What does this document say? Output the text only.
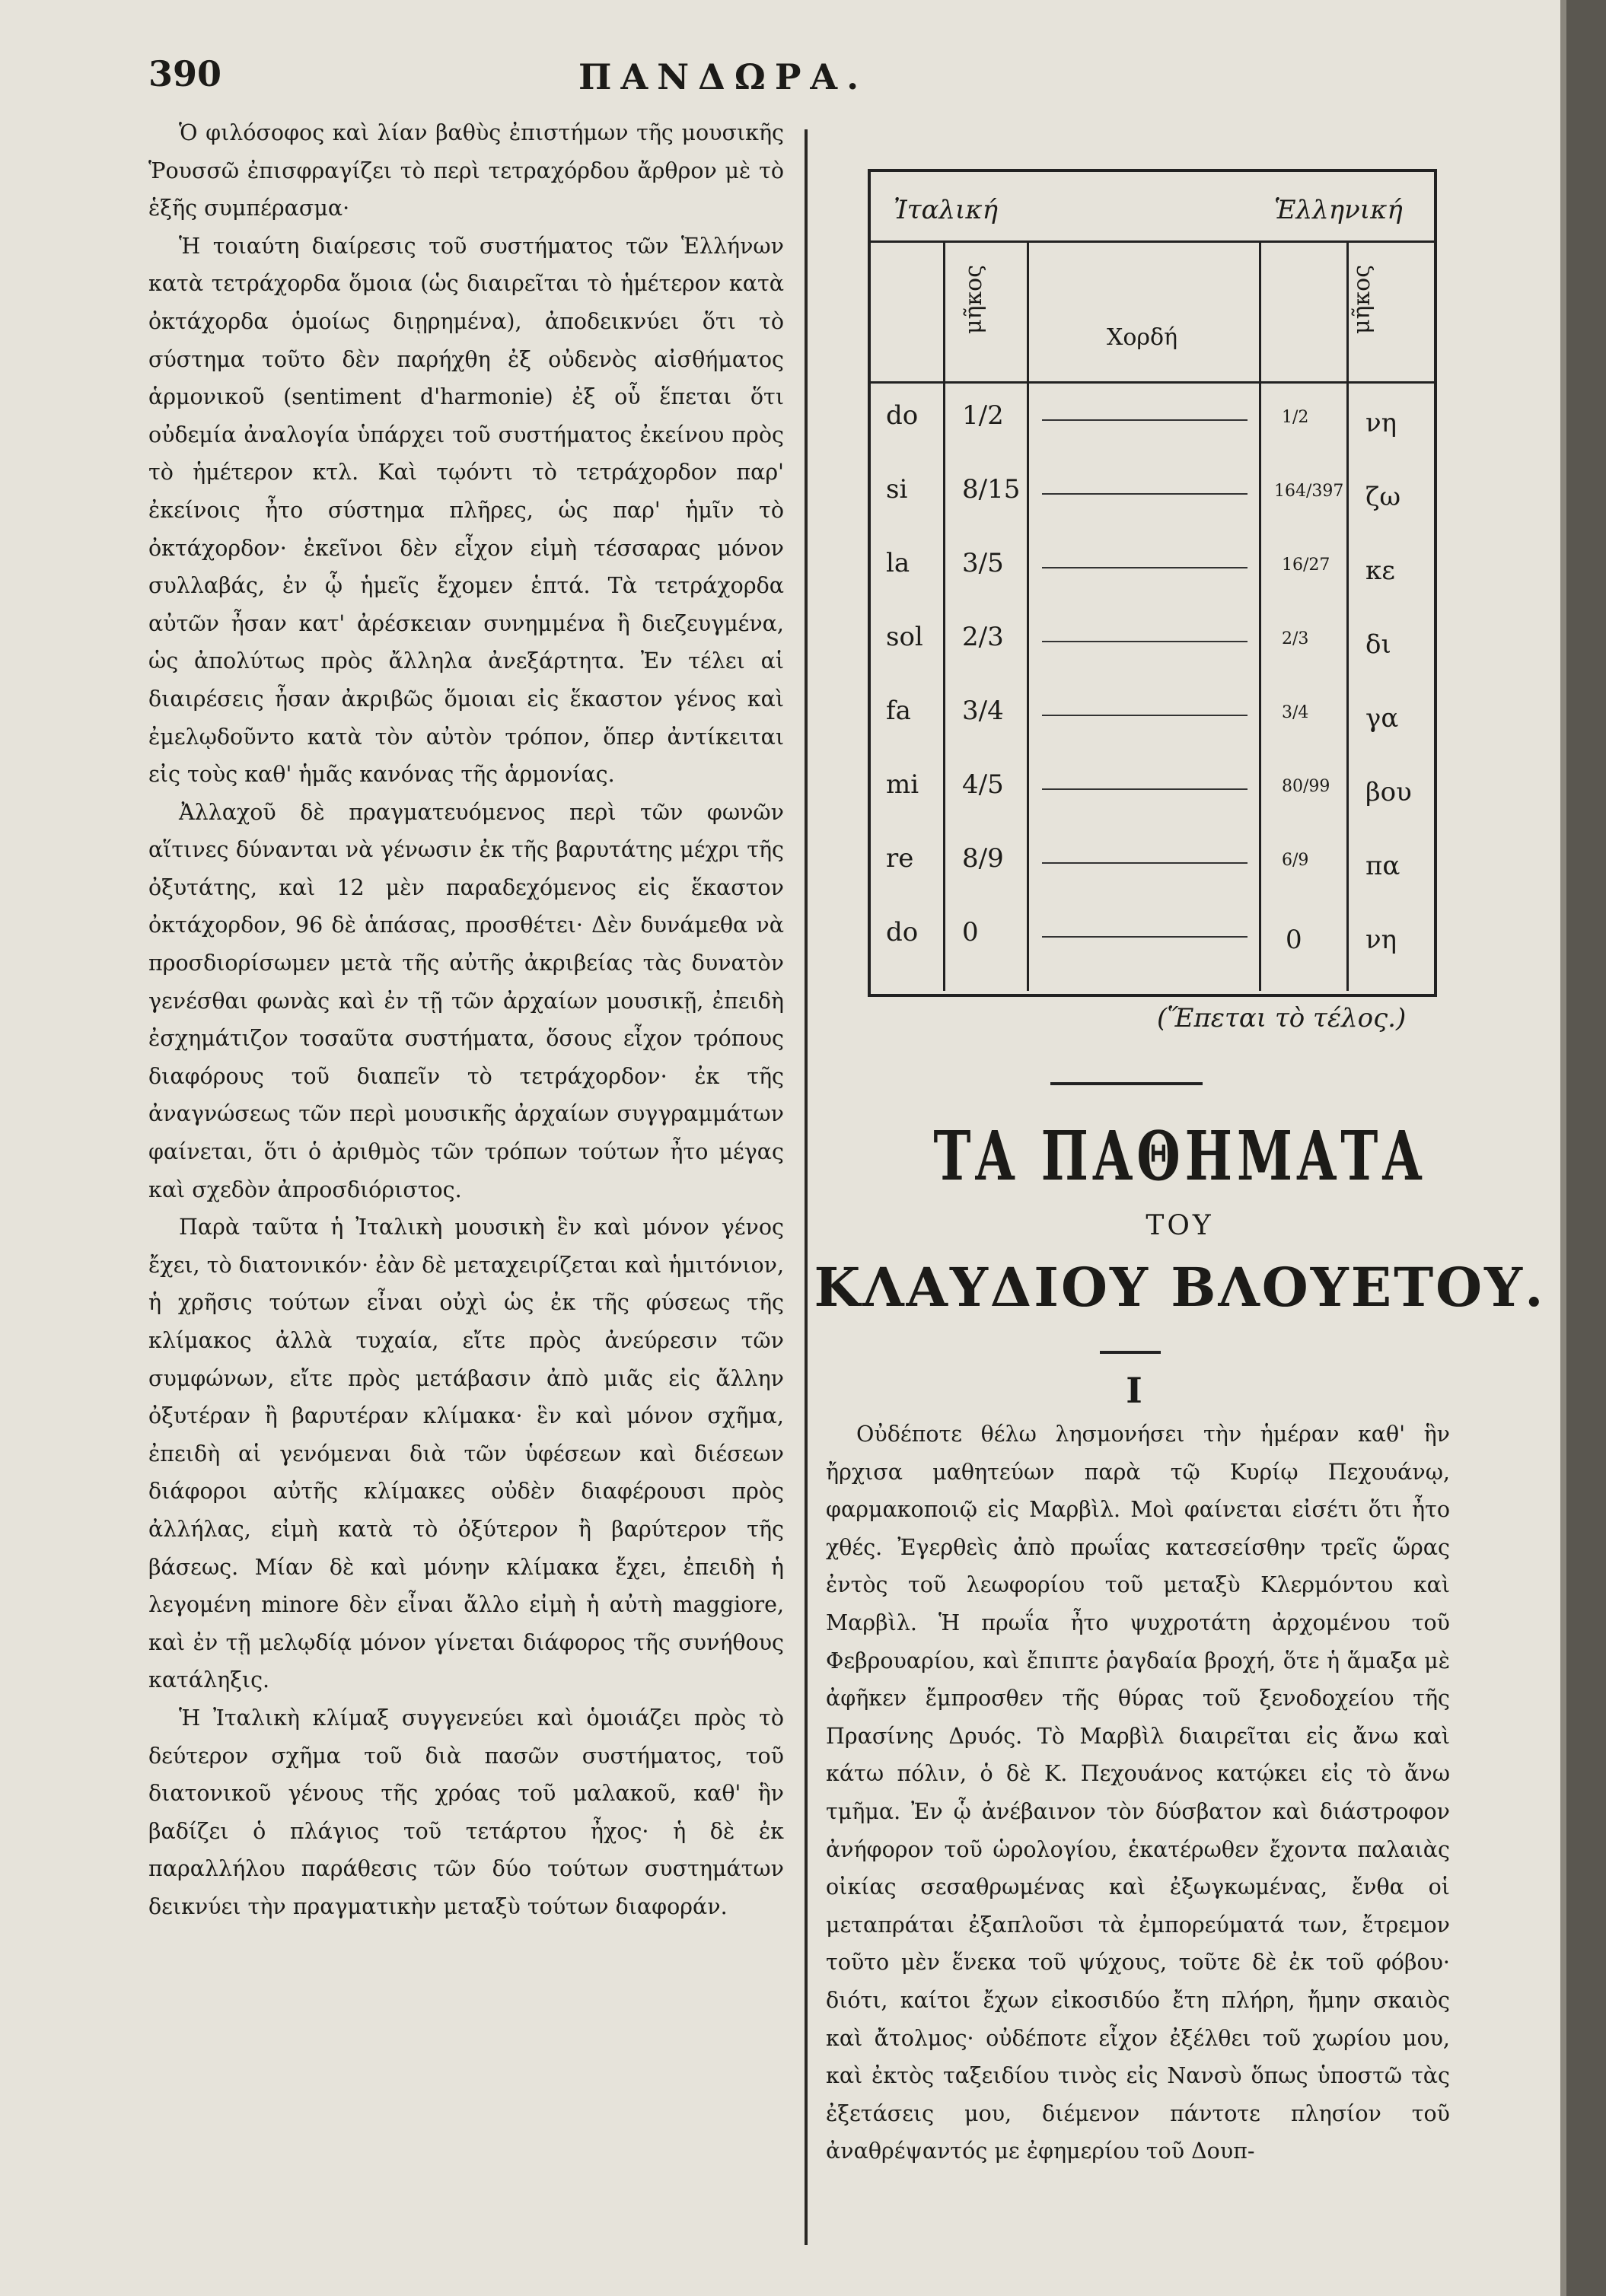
390	ΠΑΝΔΩΡΑ.

Ὁ φιλόσοφος καὶ λίαν βαθὺς ἐπιστήμων τῆς μουσικῆς Ῥουσσῶ ἐπισφραγίζει τὸ περὶ τετραχόρδου ἄρθρον μὲ τὸ ἑξῆς συμπέρασμα·

Ἡ τοιαύτη διαίρεσις τοῦ συστήματος τῶν Ἑλλήνων κατὰ τετράχορδα ὅμοια (ὡς διαιρεῖται τὸ ἡμέτερον κατὰ ὀκτάχορδα ὁμοίως διῃρημένα), ἀποδεικνύει ὅτι τὸ σύστημα τοῦτο δὲν παρήχθη ἐξ οὐδενὸς αἰσθήματος ἁρμονικοῦ (sentiment d'harmonie) ἐξ οὗ ἕπεται ὅτι οὐδεμία ἀναλογία ὑπάρχει τοῦ συστήματος ἐκείνου πρὸς τὸ ἡμέτερον κτλ. Καὶ τῳόντι τὸ τετράχορδον παρ' ἐκείνοις ἦτο σύστημα πλῆρες, ὡς παρ' ἡμῖν τὸ ὀκτάχορδον· ἐκεῖνοι δὲν εἶχον εἰμὴ τέσσαρας μόνον συλλαβάς, ἐν ᾧ ἡμεῖς ἔχομεν ἑπτά. Τὰ τετράχορδα αὐτῶν ἦσαν κατ' ἀρέσκειαν συνημμένα ἢ διεζευγμένα, ὡς ἀπολύτως πρὸς ἄλληλα ἀνεξάρτητα. Ἐν τέλει αἱ διαιρέσεις ἦσαν ἀκριβῶς ὅμοιαι εἰς ἕκαστον γένος καὶ ἐμελῳδοῦντο κατὰ τὸν αὐτὸν τρόπον, ὅπερ ἀντίκειται εἰς τοὺς καθ' ἡμᾶς κανόνας τῆς ἁρμονίας.

Ἀλλαχοῦ δὲ πραγματευόμενος περὶ τῶν φωνῶν αἵτινες δύνανται νὰ γένωσιν ἐκ τῆς βαρυτάτης μέχρι τῆς ὀξυτάτης, καὶ 12 μὲν παραδεχόμενος εἰς ἕκαστον ὀκτάχορδον, 96 δὲ ἁπάσας, προσθέτει· Δὲν δυνάμεθα νὰ προσδιορίσωμεν μετὰ τῆς αὐτῆς ἀκριβείας τὰς δυνατὸν γενέσθαι φωνὰς καὶ ἐν τῇ τῶν ἀρχαίων μουσικῇ, ἐπειδὴ ἐσχημάτιζον τοσαῦτα συστήματα, ὅσους εἶχον τρόπους διαφόρους τοῦ διαπεῖν τὸ τετράχορδον· ἐκ τῆς ἀναγνώσεως τῶν περὶ μουσικῆς ἀρχαίων συγγραμμάτων φαίνεται, ὅτι ὁ ἀριθμὸς τῶν τρόπων τούτων ἦτο μέγας καὶ σχεδὸν ἀπροσδιόριστος.

Παρὰ ταῦτα ἡ Ἰταλικὴ μουσικὴ ἓν καὶ μόνον γένος ἔχει, τὸ διατονικόν· ἐὰν δὲ μεταχειρίζεται καὶ ἡμιτόνιον, ἡ χρῆσις τούτων εἶναι οὐχὶ ὡς ἐκ τῆς φύσεως τῆς κλίμακος ἀλλὰ τυχαία, εἴτε πρὸς ἀνεύρεσιν τῶν συμφώνων, εἴτε πρὸς μετάβασιν ἀπὸ μιᾶς εἰς ἄλλην ὀξυτέραν ἢ βαρυτέραν κλίμακα· ἓν καὶ μόνον σχῆμα, ἐπειδὴ αἱ γενόμεναι διὰ τῶν ὑφέσεων καὶ διέσεων διάφοροι αὐτῆς κλίμακες οὐδὲν διαφέρουσι πρὸς ἀλλήλας, εἰμὴ κατὰ τὸ ὀξύτερον ἢ βαρύτερον τῆς βάσεως. Μίαν δὲ καὶ μόνην κλίμακα ἔχει, ἐπειδὴ ἡ λεγομένη minore δὲν εἶναι ἄλλο εἰμὴ ἡ αὐτὴ maggiore, καὶ ἐν τῇ μελῳδίᾳ μόνον γίνεται διάφορος τῆς συνήθους κατάληξις.

Ἡ Ἰταλικὴ κλίμαξ συγγενεύει καὶ ὁμοιάζει πρὸς τὸ δεύτερον σχῆμα τοῦ διὰ πασῶν συστήματος, τοῦ διατονικοῦ γένους τῆς χρόας τοῦ μαλακοῦ, καθ' ἣν βαδίζει ὁ πλάγιος τοῦ τετάρτου ἦχος· ἡ δὲ ἐκ παραλλήλου παράθεσις τῶν δύο τούτων συστημάτων δεικνύει τὴν πραγματικὴν μεταξὺ τούτων διαφοράν.

Ἰταλική	Ἑλληνική
μῆκος
Χορδή
μῆκος
do 1/2	1/2 νη
si 8/15	164/397 ζω
la 3/5	16/27 κε
sol 2/3	2/3 δι
fa 3/4	3/4 γα
mi 4/5	80/99 βου
re 8/9	6/9 πα
do 0	0 νη
(Ἕπεται τὸ τέλος.)
ΤΑ ΠΑΘΗΜΑΤΑ
ΤΟΥ
ΚΛΑΥΔΙΟΥ ΒΛΟΥΕΤΟΥ.
Ι

Οὐδέποτε θέλω λησμονήσει τὴν ἡμέραν καθ' ἣν ἤρχισα μαθητεύων παρὰ τῷ Κυρίῳ Πεχουάνῳ, φαρμακοποιῷ εἰς Μαρβὶλ. Μοὶ φαίνεται εἰσέτι ὅτι ἦτο χθές. Ἐγερθεὶς ἀπὸ πρωΐας κατεσείσθην τρεῖς ὥρας ἐντὸς τοῦ λεωφορίου τοῦ μεταξὺ Κλερμόντου καὶ Μαρβὶλ. Ἡ πρωΐα ἦτο ψυχροτάτη ἀρχομένου τοῦ Φεβρουαρίου, καὶ ἔπιπτε ῥαγδαία βροχή, ὅτε ἡ ἅμαξα μὲ ἀφῆκεν ἔμπροσθεν τῆς θύρας τοῦ ξενοδοχείου τῆς Πρασίνης Δρυός. Τὸ Μαρβὶλ διαιρεῖται εἰς ἄνω καὶ κάτω πόλιν, ὁ δὲ Κ. Πεχουάνος κατῴκει εἰς τὸ ἄνω τμῆμα. Ἐν ᾧ ἀνέβαινον τὸν δύσβατον καὶ διάστροφον ἀνήφορον τοῦ ὡρολογίου, ἑκατέρωθεν ἔχοντα παλαιὰς οἰκίας σεσαθρωμένας καὶ ἐξωγκωμένας, ἔνθα οἱ μεταπράται ἐξαπλοῦσι τὰ ἐμπορεύματά των, ἔτρεμον τοῦτο μὲν ἕνεκα τοῦ ψύχους, τοῦτε δὲ ἐκ τοῦ φόβου· διότι, καίτοι ἔχων εἰκοσιδύο ἔτη πλήρη, ἤμην σκαιὸς καὶ ἄτολμος· οὐδέποτε εἶχον ἐξέλθει τοῦ χωρίου μου, καὶ ἐκτὸς ταξειδίου τινὸς εἰς Νανσὺ ὅπως ὑποστῶ τὰς ἐξετάσεις μου, διέμενον πάντοτε πλησίον τοῦ ἀναθρέψαντός με ἐφημερίου τοῦ Δουπ-
